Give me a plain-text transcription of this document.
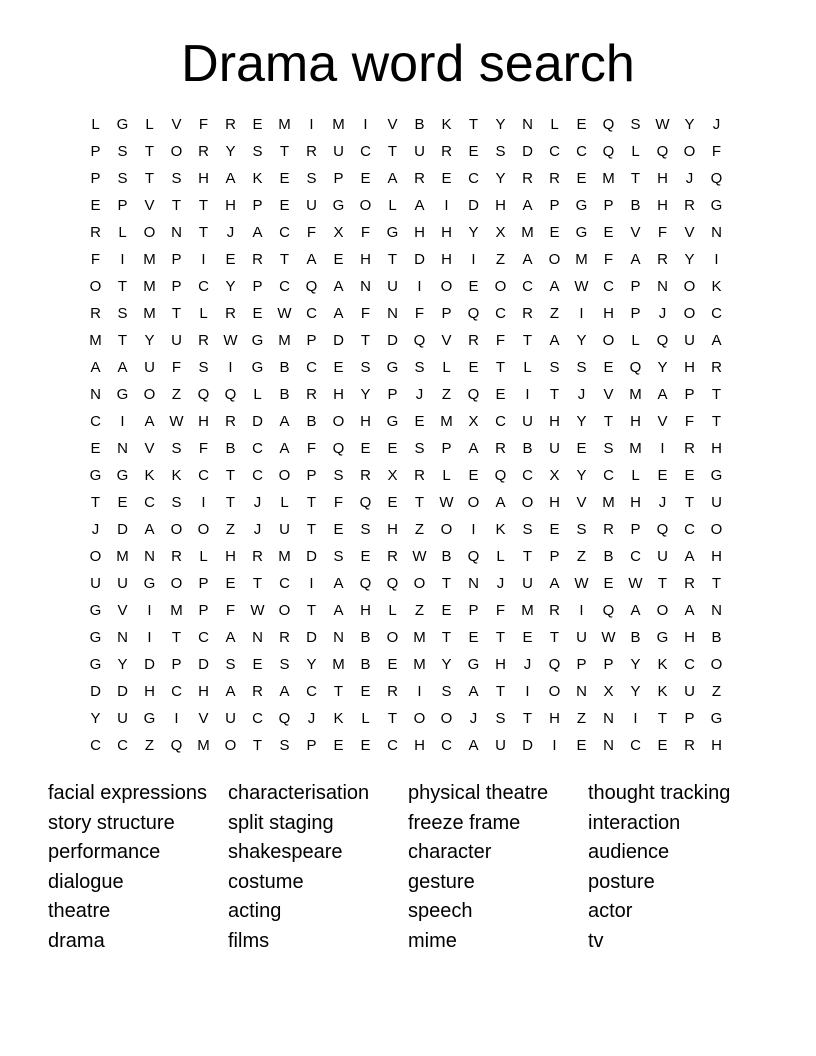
Drama word search
L	G	L	V	F	R	E	M	I	M	I	V	B	K	T	Y	N	L	E	Q	S W Y	J
P	S	T	O	R	Y	S	T	R	U	C	T	U	R	E	S	D	C	C	Q	L	Q	O	F
P	S	T	S	H	A	K	E	S	P	E	A	R	E	C	Y	R	R	E	M	T	H	J	Q
E	P	V	T	T	H	P	E	U	G	O	L	A	I	D	H	A	P	G	P	B	H	R	G
R	L	O	N	T	J	A	C	F	X	F	G	H	H	Y	X	M	E	G	E	V	F	V	N
F	I	M	P	I	E	R	T	A	E	H	T	D	H	I	Z	A	O M	F	A	R	Y	I
O	T	M	P	C	Y	P	C	Q	A	N	U	I	O	E	O	C	A W C	P	N	O	K
R	S	M	T	L	R	E W C	A	F	N	F	P	Q	C	R	Z	I	H	P	J	O	C
M	T	Y	U	R W G M	P	D	T	D	Q	V	R	F	T	A	Y	O	L	Q	U	A
A	A	U	F	S	I	G	B	C	E	S	G	S	L	E	T	L	S	S	E	Q	Y	H	R
N	G	O	Z	Q	Q	L	B	R	H	Y	P	J	Z	Q	E	I	T	J	V	M	A	P	T
C	I	A W H	R	D	A	B	O	H	G	E	M	X	C	U	H	Y	T	H	V	F	T
E	N	V	S	F	B	C	A	F	Q	E	E	S	P	A	R	B	U	E	S	M	I	R	H
G	G	K	K	C	T	C	O	P	S	R	X	R	L	E	Q	C	X	Y	C	L	E	E	G
T	E	C	S	I	T	J	L	T	F	Q	E	T	W O	A	O	H	V	M	H	J	T	U
J	D	A	O	O	Z	J	U	T	E	S	H	Z	O	I	K	S	E	S	R	P	Q	C	O
O M	N	R	L	H	R	M	D	S	E	R W B	Q	L	T	P	Z	B	C	U	A	H
U	U	G	O	P	E	T	C	I	A	Q	Q	O	T	N	J	U	A W E W	T	R	T
G	V	I	M	P	F	W O	T	A	H	L	Z	E	P	F	M	R	I	Q	A	O	A	N
G	N	I	T	C	A	N	R	D	N	B	O M	T	E	T	E	T	U W B	G	H	B
G	Y	D	P	D	S	E	S	Y	M	B	E	M	Y	G	H	J	Q	P	P	Y	K	C	O
D	D	H	C	H	A	R	A	C	T	E	R	I	S	A	T	I	O	N	X	Y	K	U	Z
Y	U	G	I	V	U	C	Q	J	K	L	T	O	O	J	S	T	H	Z	N	I	T	P	G
C	C	Z	Q M O	T	S	P	E	E	C	H	C	A	U	D	I	E	N	C	E	R	H
facial expressions	characterisation	physical theatre	thought tracking
story structure	split staging	freeze frame	interaction
performance	shakespeare	character	audience
dialogue	costume	gesture	posture
theatre	acting	speech	actor
drama	films	mime	tv
